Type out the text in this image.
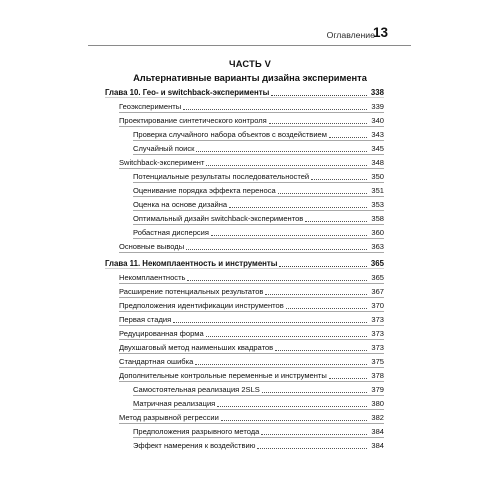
Оглавление
13
ЧАСТЬ V
Альтернативные варианты дизайна эксперимента
Глава 10. Гео- и switchback-эксперименты	338
Геоэксперименты	339
Проектирование синтетического контроля	340
Проверка случайного набора объектов с воздействием	343
Случайный поиск	345
Switchback-эксперимент	348
Потенциальные результаты последовательностей	350
Оценивание порядка эффекта переноса	351
Оценка на основе дизайна	353
Оптимальный дизайн switchback-экспериментов	358
Робастная дисперсия	360
Основные выводы	363
Глава 11. Некомплаентность и инструменты	365
Некомплаентность	365
Расширение потенциальных результатов	367
Предположения идентификации инструментов	370
Первая стадия	373
Редуцированная форма	373
Двухшаговый метод наименьших квадратов	373
Стандартная ошибка	375
Дополнительные контрольные переменные и инструменты	378
Самостоятельная реализация 2SLS	379
Матричная реализация	380
Метод разрывной регрессии	382
Предположения разрывного метода	384
Эффект намерения к воздействию	384
